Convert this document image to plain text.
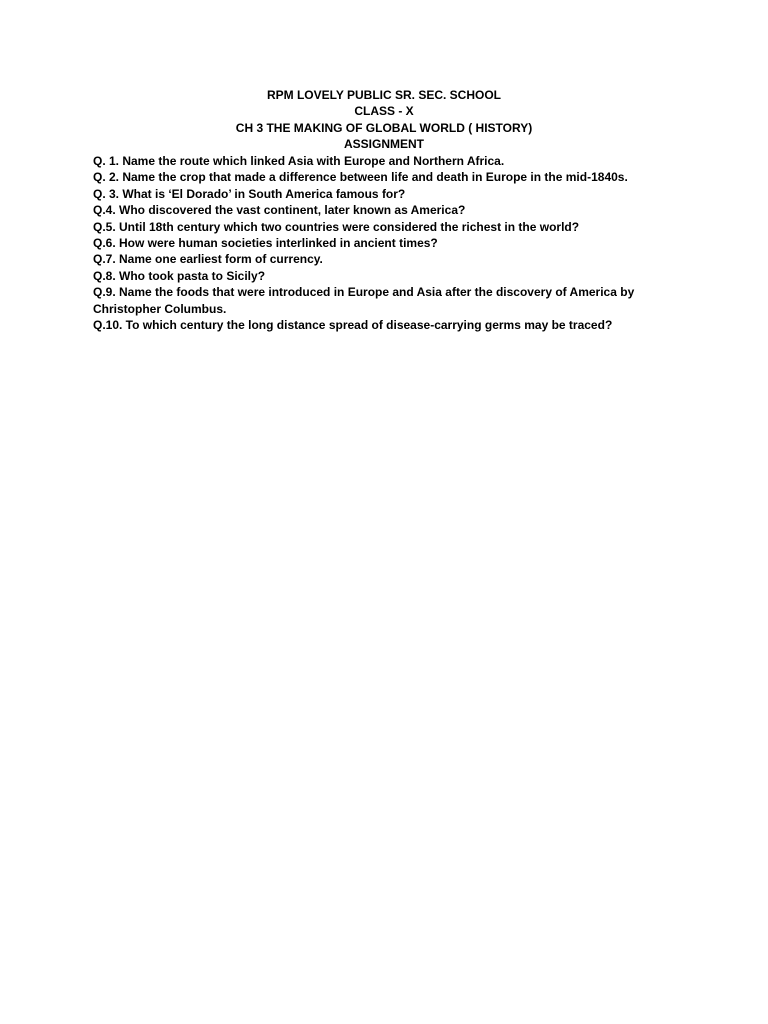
RPM LOVELY PUBLIC SR. SEC. SCHOOL
CLASS - X
CH 3 THE MAKING OF GLOBAL WORLD ( HISTORY)
ASSIGNMENT
Q. 1. Name the route which linked Asia with Europe and Northern Africa.
Q. 2. Name the crop that made a difference between life and death in Europe in the mid-1840s.
Q. 3. What is ‘El Dorado’ in South America famous for?
Q.4. Who discovered the vast continent, later known as America?
Q.5. Until 18th century which two countries were considered the richest in the world?
Q.6. How were human societies interlinked in ancient times?
Q.7. Name one earliest form of currency.
Q.8. Who took pasta to Sicily?
Q.9. Name the foods that were introduced in Europe and Asia after the discovery of America by
Christopher Columbus.
Q.10. To which century the long distance spread of disease-carrying germs may be traced?
